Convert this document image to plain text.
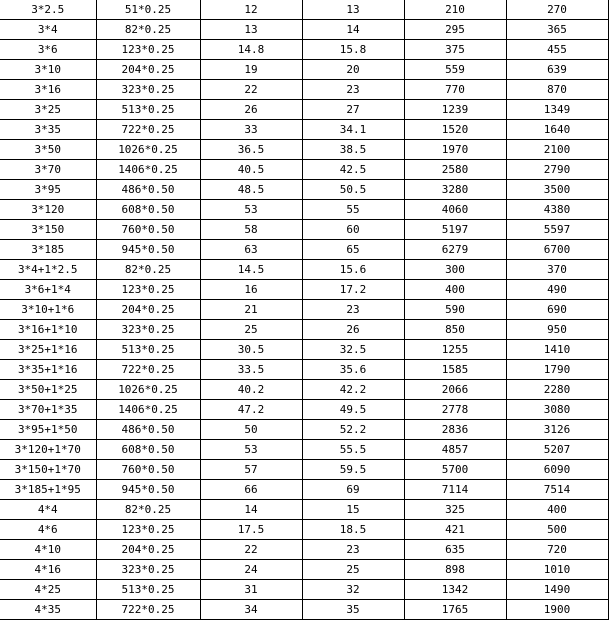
3*2.5	51*0.25	12	13	210	270
3*4	82*0.25	13	14	295	365
3*6	123*0.25	14.8	15.8	375	455
3*10	204*0.25	19	20	559	639
3*16	323*0.25	22	23	770	870
3*25	513*0.25	26	27	1239	1349
3*35	722*0.25	33	34.1	1520	1640
3*50	1026*0.25	36.5	38.5	1970	2100
3*70	1406*0.25	40.5	42.5	2580	2790
3*95	486*0.50	48.5	50.5	3280	3500
3*120	608*0.50	53	55	4060	4380
3*150	760*0.50	58	60	5197	5597
3*185	945*0.50	63	65	6279	6700
3*4+1*2.5	82*0.25	14.5	15.6	300	370
3*6+1*4	123*0.25	16	17.2	400	490
3*10+1*6	204*0.25	21	23	590	690
3*16+1*10	323*0.25	25	26	850	950
3*25+1*16	513*0.25	30.5	32.5	1255	1410
3*35+1*16	722*0.25	33.5	35.6	1585	1790
3*50+1*25	1026*0.25	40.2	42.2	2066	2280
3*70+1*35	1406*0.25	47.2	49.5	2778	3080
3*95+1*50	486*0.50	50	52.2	2836	3126
3*120+1*70	608*0.50	53	55.5	4857	5207
3*150+1*70	760*0.50	57	59.5	5700	6090
3*185+1*95	945*0.50	66	69	7114	7514
4*4	82*0.25	14	15	325	400
4*6	123*0.25	17.5	18.5	421	500
4*10	204*0.25	22	23	635	720
4*16	323*0.25	24	25	898	1010
4*25	513*0.25	31	32	1342	1490
4*35	722*0.25	34	35	1765	1900
